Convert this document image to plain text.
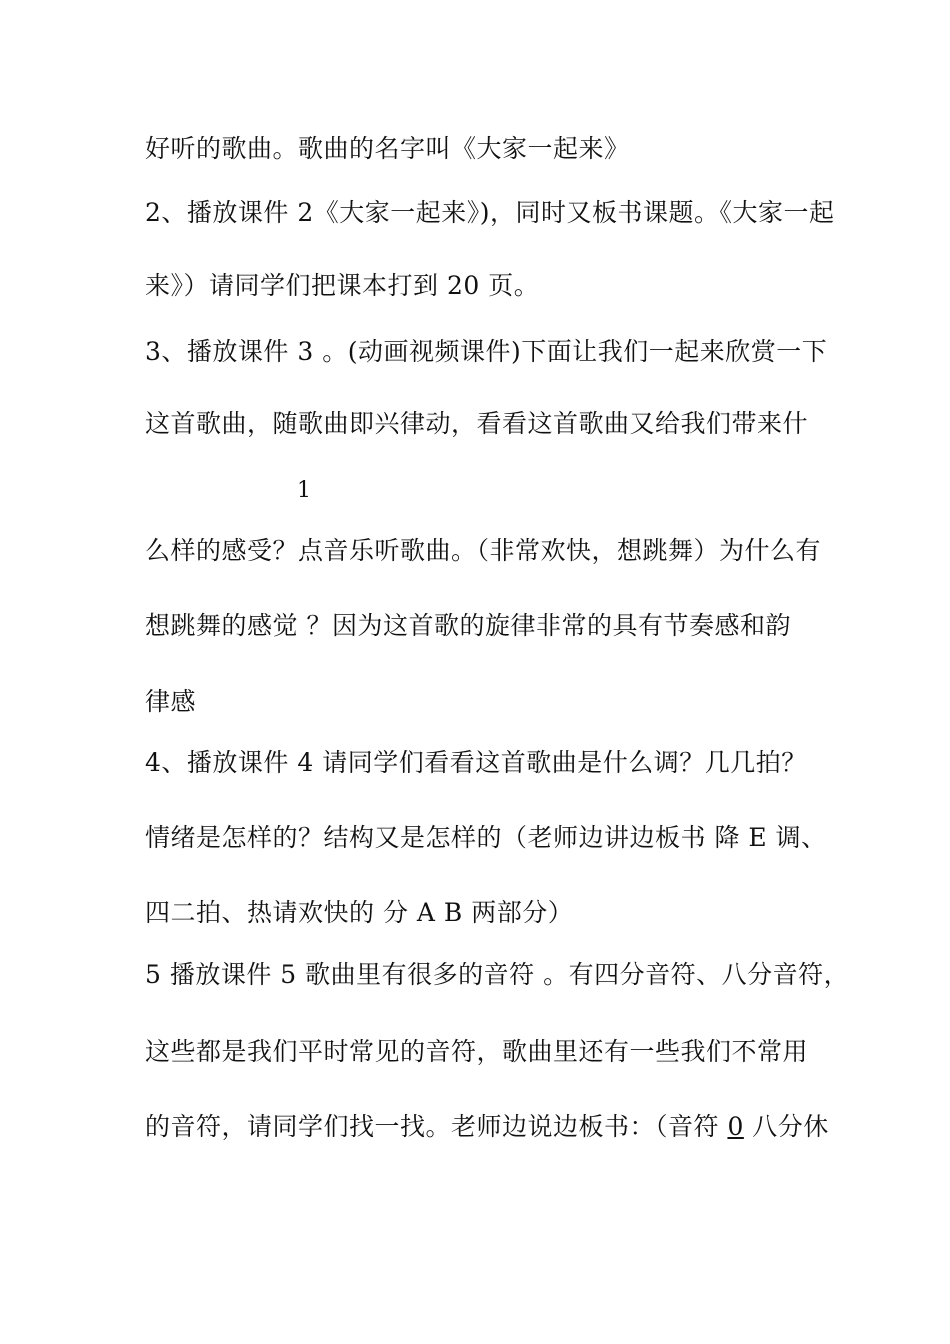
好听的歌曲。歌曲的名字叫《大家一起来》
2、播放课件 2《大家一起来》)，同时又板书课题。《大家一起
来》）请同学们把课本打到 20 页。
3、播放课件 3 。(动画视频课件)下面让我们一起来欣赏一下
这首歌曲，随歌曲即兴律动，看看这首歌曲又给我们带来什
1
么样的感受？点音乐听歌曲。（非常欢快，想跳舞）为什么有
想跳舞的感觉 ？因为这首歌的旋律非常的具有节奏感和韵
律感
4、播放课件 4 请同学们看看这首歌曲是什么调？几几拍？
情绪是怎样的？结构又是怎样的（老师边讲边板书 降 E 调、
四二拍、热请欢快的 分 A B 两部分）
5 播放课件 5 歌曲里有很多的音符 。有四分音符、八分音符，
这些都是我们平时常见的音符，歌曲里还有一些我们不常用
的音符，请同学们找一找。老师边说边板书：（音符 0 八分休
